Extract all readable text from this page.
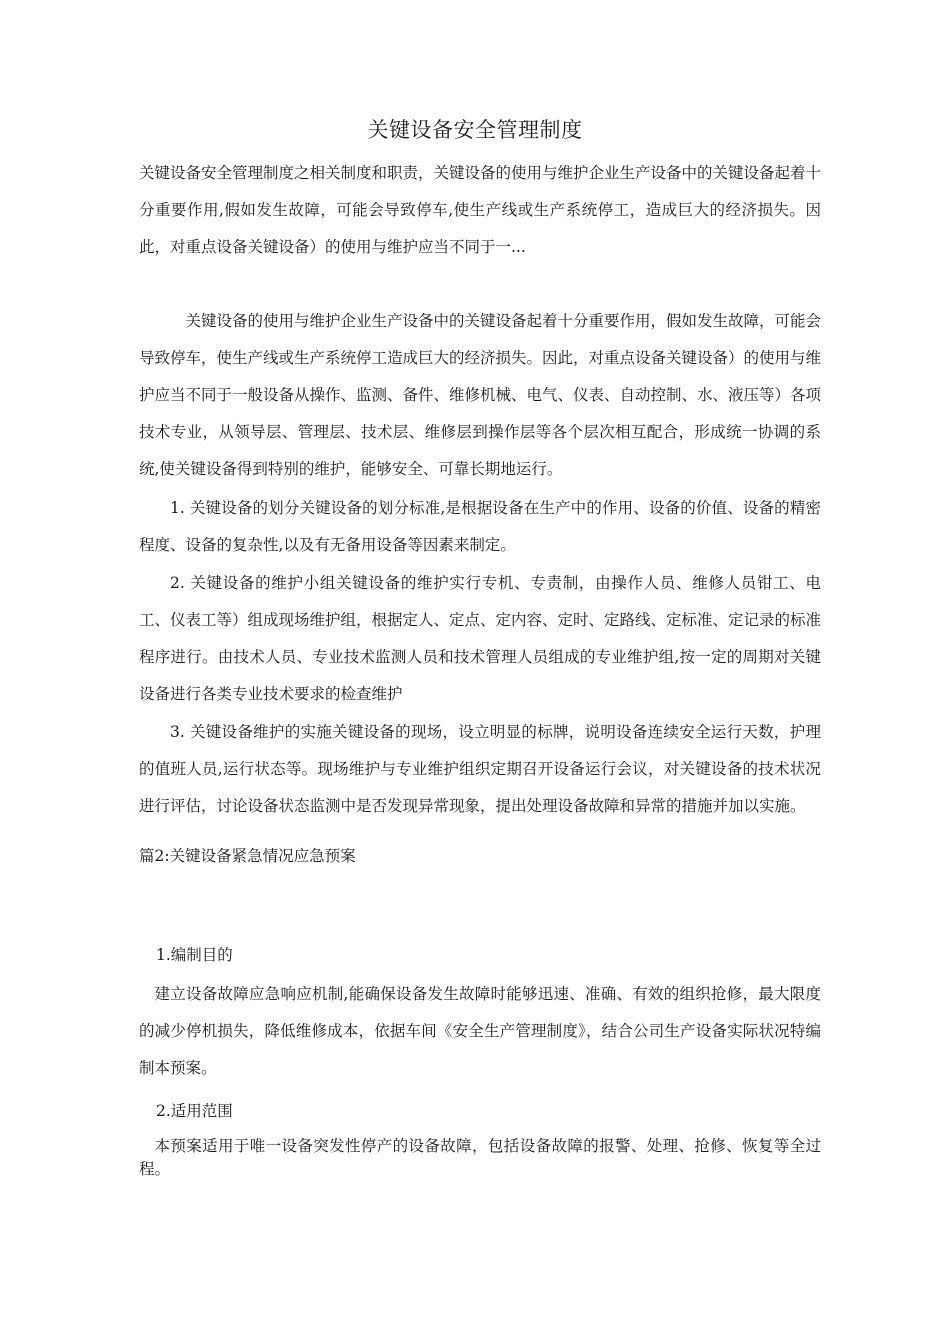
关键设备安全管理制度

关键设备安全管理制度之相关制度和职责，关键设备的使用与维护企业生产设备中的关键设备起着十分重要作用,假如发生故障，可能会导致停车,使生产线或生产系统停工，造成巨大的经济损失。因此，对重点设备关键设备）的使用与维护应当不同于一...

关键设备的使用与维护企业生产设备中的关键设备起着十分重要作用，假如发生故障，可能会导致停车，使生产线或生产系统停工造成巨大的经济损失。因此，对重点设备关键设备）的使用与维护应当不同于一般设备从操作、监测、备件、维修机械、电气、仪表、自动控制、水、液压等）各项技术专业，从领导层、管理层、技术层、维修层到操作层等各个层次相互配合，形成统一协调的系统,使关键设备得到特别的维护，能够安全、可靠长期地运行。

1. 关键设备的划分关键设备的划分标准,是根据设备在生产中的作用、设备的价值、设备的精密程度、设备的复杂性,以及有无备用设备等因素来制定。

2. 关键设备的维护小组关键设备的维护实行专机、专责制，由操作人员、维修人员钳工、电工、仪表工等）组成现场维护组，根据定人、定点、定内容、定时、定路线、定标准、定记录的标准程序进行。由技术人员、专业技术监测人员和技术管理人员组成的专业维护组,按一定的周期对关键设备进行各类专业技术要求的检查维护

3. 关键设备维护的实施关键设备的现场，设立明显的标牌，说明设备连续安全运行天数，护理的值班人员,运行状态等。现场维护与专业维护组织定期召开设备运行会议，对关键设备的技术状况进行评估，讨论设备状态监测中是否发现异常现象，提出处理设备故障和异常的措施并加以实施。

篇2:关键设备紧急情况应急预案

1.编制目的

建立设备故障应急响应机制,能确保设备发生故障时能够迅速、准确、有效的组织抢修，最大限度的减少停机损失，降低维修成本，依据车间《安全生产管理制度》，结合公司生产设备实际状况特编制本预案。

2.适用范围

本预案适用于唯一设备突发性停产的设备故障，包括设备故障的报警、处理、抢修、恢复等全过程。
